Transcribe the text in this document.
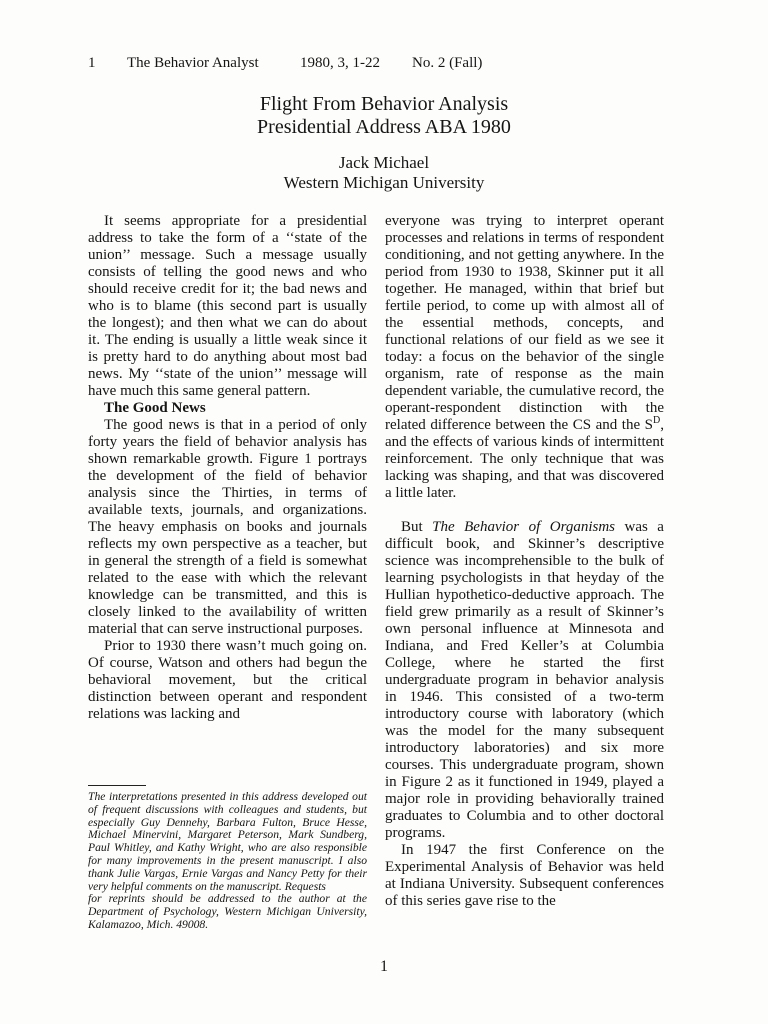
1 The Behavior Analyst	1980, 3, 1-22 No. 2 (Fall)
Flight From Behavior Analysis
Presidential Address ABA 1980
Jack Michael
Western Michigan University

It seems appropriate for a presidential address to take the form of a ‘‘state of the union’’ message. Such a message usually consists of telling the good news and who should receive credit for it; the bad news and who is to blame (this second part is usually the longest); and then what we can do about it. The ending is usually a little weak since it is pretty hard to do anything about most bad news. My ‘‘state of the union’’ message will have much this same general pattern.

The Good News

The good news is that in a period of only forty years the field of behavior analysis has shown remarkable growth. Figure 1 portrays the development of the field of behavior analysis since the Thirties, in terms of available texts, journals, and organizations. The heavy emphasis on books and journals reflects my own perspective as a teacher, but in general the strength of a field is somewhat related to the ease with which the relevant knowledge can be transmitted, and this is closely linked to the availability of written material that can serve instructional purposes.

Prior to 1930 there wasn’t much going on. Of course, Watson and others had begun the behavioral movement, but the critical distinction between operant and respondent relations was lacking and

The interpretations presented in this address developed out of frequent discussions with colleagues and students, but especially Guy Dennehy, Barbara Fulton, Bruce Hesse, Michael Minervini, Margaret Peterson, Mark Sundberg, Paul Whitley, and Kathy Wright, who are also responsible for many improvements in the present manuscript. I also thank Julie Vargas, Ernie Vargas and Nancy Petty for their very helpful comments on the manuscript. Requests

for reprints should be addressed to the author at the Department of Psychology, Western Michigan University, Kalamazoo, Mich. 49008.

everyone was trying to interpret operant processes and relations in terms of respondent conditioning, and not getting anywhere. In the period from 1930 to 1938, Skinner put it all together. He managed, within that brief but fertile period, to come up with almost all of the essential methods, concepts, and functional relations of our field as we see it today: a focus on the behavior of the single organism, rate of response as the main dependent variable, the cumulative record, the operant-respondent distinction with the related difference between the CS and the $S^D$, and the effects of various kinds of intermittent reinforcement. The only technique that was lacking was shaping, and that was discovered a little later.

But The Behavior of Organisms was a difficult book, and Skinner’s descriptive science was incomprehensible to the bulk of learning psychologists in that heyday of the Hullian hypothetico-deductive approach. The field grew primarily as a result of Skinner’s own personal influence at Minnesota and Indiana, and Fred Keller’s at Columbia College, where he started the first undergraduate program in behavior analysis in 1946. This consisted of a two-term introductory course with laboratory (which was the model for the many subsequent introductory laboratories) and six more courses. This undergraduate program, shown in Figure 2 as it functioned in 1949, played a major role in providing behaviorally trained graduates to Columbia and to other doctoral programs.

In 1947 the first Conference on the Experimental Analysis of Behavior was held at Indiana University. Subsequent conferences of this series gave rise to the

1
